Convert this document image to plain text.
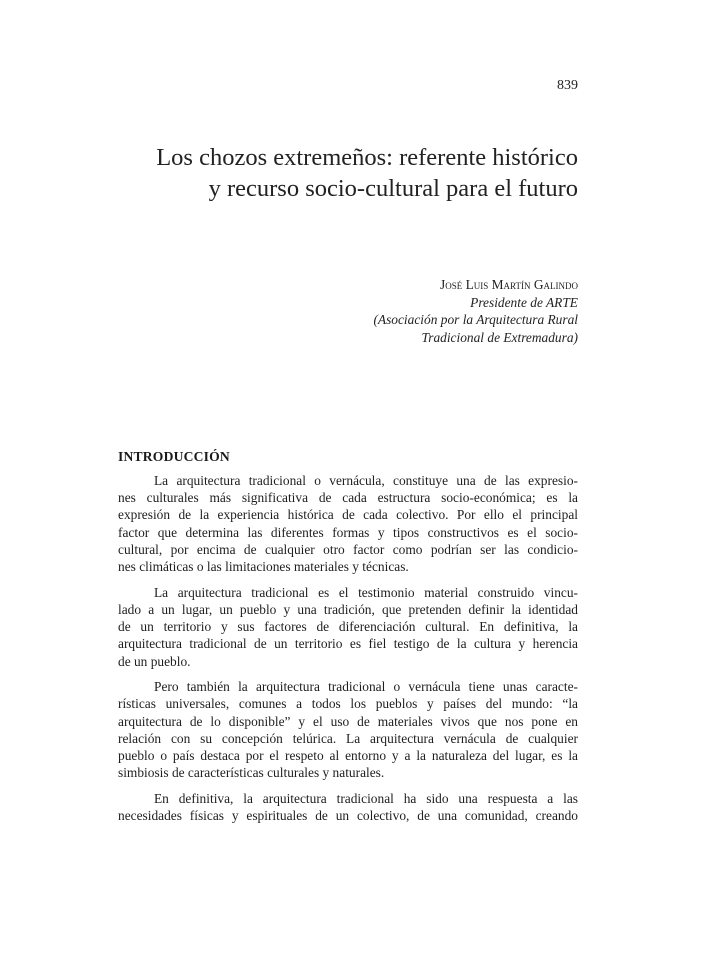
839
Los chozos extremeños: referente histórico
y recurso socio-cultural para el futuro
José Luis Martín Galindo
Presidente de ARTE
(Asociación por la Arquitectura Rural
Tradicional de Extremadura)
INTRODUCCIÓN

La arquitectura tradicional o vernácula, constituye una de las expresio-
nes culturales más significativa de cada estructura socio-económica; es la
expresión de la experiencia histórica de cada colectivo. Por ello el principal
factor que determina las diferentes formas y tipos constructivos es el socio-
cultural, por encima de cualquier otro factor como podrían ser las condicio-
nes climáticas o las limitaciones materiales y técnicas.

La arquitectura tradicional es el testimonio material construido vincu-
lado a un lugar, un pueblo y una tradición, que pretenden definir la identidad
de un territorio y sus factores de diferenciación cultural. En definitiva, la
arquitectura tradicional de un territorio es fiel testigo de la cultura y herencia
de un pueblo.

Pero también la arquitectura tradicional o vernácula tiene unas caracte-
rísticas universales, comunes a todos los pueblos y países del mundo: “la
arquitectura de lo disponible” y el uso de materiales vivos que nos pone en
relación con su concepción telúrica. La arquitectura vernácula de cualquier
pueblo o país destaca por el respeto al entorno y a la naturaleza del lugar, es la
simbiosis de características culturales y naturales.

En definitiva, la arquitectura tradicional ha sido una respuesta a las
necesidades físicas y espirituales de un colectivo, de una comunidad, creando
